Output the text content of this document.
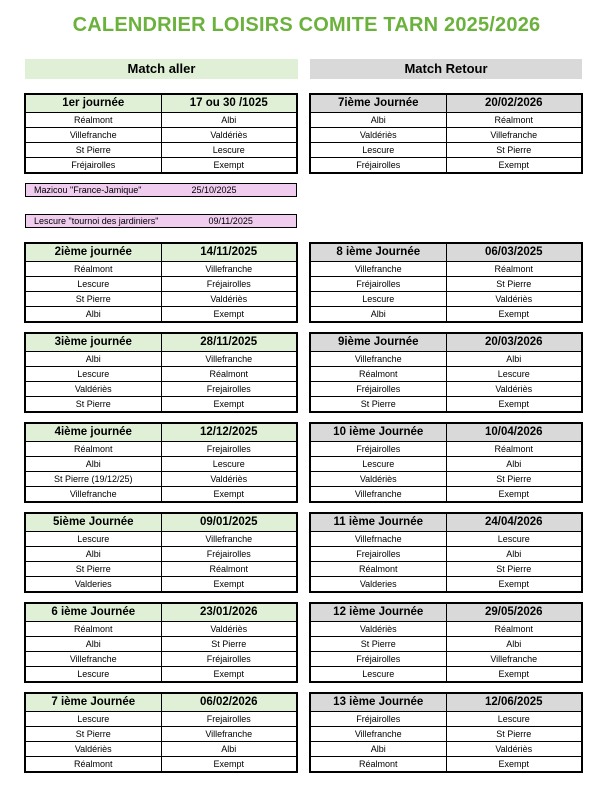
CALENDRIER LOISIRS COMITE TARN 2025/2026
Match aller	Match Retour
Mazicou "France-Jamique"	25/10/2025
Lescure "tournoi des jardiniers"	09/11/2025
1er journée	17 ou 30 /1025
Réalmont	Albi
Villefranche	Valdériès
St Pierre	Lescure
Fréjairolles	Exempt
7ième Journée	20/02/2026
Albi	Réalmont
Valdériès	Villefranche
Lescure	St Pierre
Fréjairolles	Exempt
2ième journée	14/11/2025
Réalmont	Villefranche
Lescure	Fréjairolles
St Pierre	Valdériès
Albi	Exempt
8 ième Journée	06/03/2025
Villefranche	Réalmont
Fréjairolles	St Pierre
Lescure	Valdériès
Albi	Exempt
3ième journée	28/11/2025
Albi	Villefranche
Lescure	Réalmont
Valdériès	Frejairolles
St Pierre	Exempt
9ième Journée	20/03/2026
Villefranche	Albi
Réalmont	Lescure
Fréjairolles	Valdériès
St Pierre	Exempt
4ième journée	12/12/2025
Réalmont	Frejairolles
Albi	Lescure
St Pierre (19/12/25)	Valdériès
Villefranche	Exempt
10 ième Journée	10/04/2026
Fréjairolles	Réalmont
Lescure	Albi
Valdériès	St Pierre
Villefranche	Exempt
5ième Journée	09/01/2025
Lescure	Villefranche
Albi	Fréjairolles
St Pierre	Réalmont
Valderies	Exempt
11 ième Journée	24/04/2026
Villefrnache	Lescure
Frejairolles	Albi
Réalmont	St Pierre
Valderies	Exempt
6 ième Journée	23/01/2026
Réalmont	Valdériès
Albi	St Pierre
Villefranche	Fréjairolles
Lescure	Exempt
12 ième Journée	29/05/2026
Valdériès	Réalmont
St Pierre	Albi
Fréjairolles	Villefranche
Lescure	Exempt
7 ième Journée	06/02/2026
Lescure	Frejairolles
St Pierre	Villefranche
Valdériès	Albi
Réalmont	Exempt
13 ième Journée	12/06/2025
Fréjairolles	Lescure
Villefranche	St Pierre
Albi	Valdériès
Réalmont	Exempt
